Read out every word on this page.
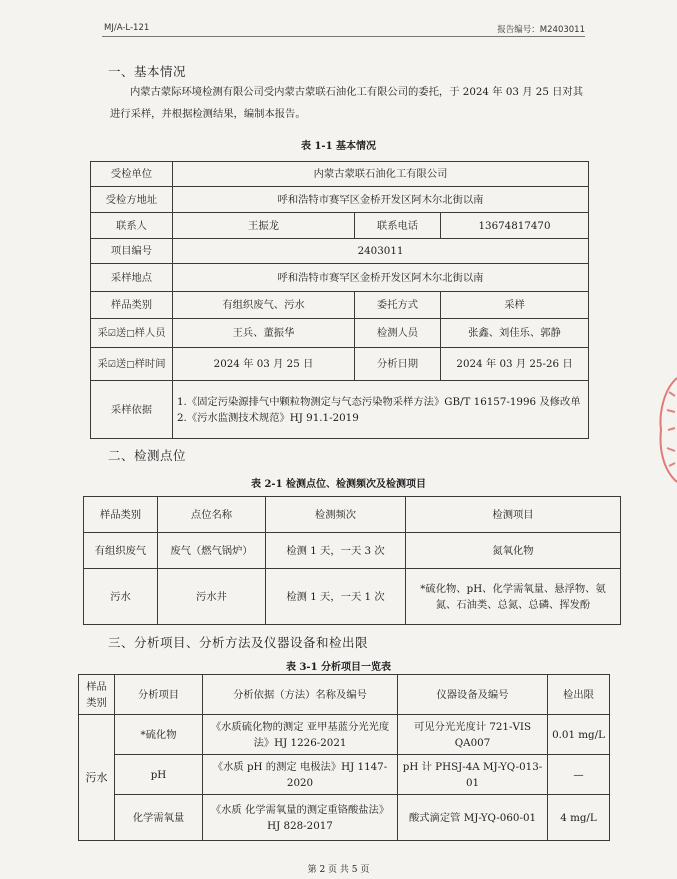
MJ/A-L-121	报告编号：M2403011
一、基本情况
内蒙古蒙际环境检测有限公司受内蒙古蒙联石油化工有限公司的委托，于 2024 年 03 月 25 日对其进行采样，并根据检测结果，编制本报告。
表 1-1 基本情况
受检单位	内蒙古蒙联石油化工有限公司		
受检方地址	呼和浩特市赛罕区金桥开发区阿木尔北街以南		
联系人	王振龙	联系电话	13674817470
项目编号	2403011		
采样地点	呼和浩特市赛罕区金桥开发区阿木尔北街以南		
样品类别	有组织废气、污水	委托方式	采样
采☑送□样人员	王兵、董振华	检测人员	张鑫、刘佳乐、郭静
采☑送□样时间	2024 年 03 月 25 日	分析日期	2024 年 03 月 25-26 日
采样依据	1.《固定污染源排气中颗粒物测定与气态污染物采样方法》GB/T 16157-1996 及修改单
2.《污水监测技术规范》HJ 91.1-2019		
二、检测点位
表 2-1 检测点位、检测频次及检测项目
样品类别	点位名称	检测频次	检测项目
有组织废气	废气（燃气锅炉）	检测 1 天，一天 3 次	氮氧化物
污水	污水井	检测 1 天，一天 1 次	*硫化物、pH、化学需氧量、悬浮物、氨氮、石油类、总氮、总磷、挥发酚
三、分析项目、分析方法及仪器设备和检出限
表 3-1 分析项目一览表
样品类别	分析项目	分析依据（方法）名称及编号	仪器设备及编号	检出限
污水	*硫化物	《水质硫化物的测定 亚甲基蓝分光光度法》HJ 1226-2021	可见分光光度计 721-VIS QA007	0.01 mg/L
	pH	《水质 pH 的测定 电极法》HJ 1147-2020	pH 计 PHSJ-4A MJ-YQ-013-01	—
	化学需氧量	《水质 化学需氧量的测定重铬酸盐法》HJ 828-2017	酸式滴定管 MJ-YQ-060-01	4 mg/L
第 2 页 共 5 页
